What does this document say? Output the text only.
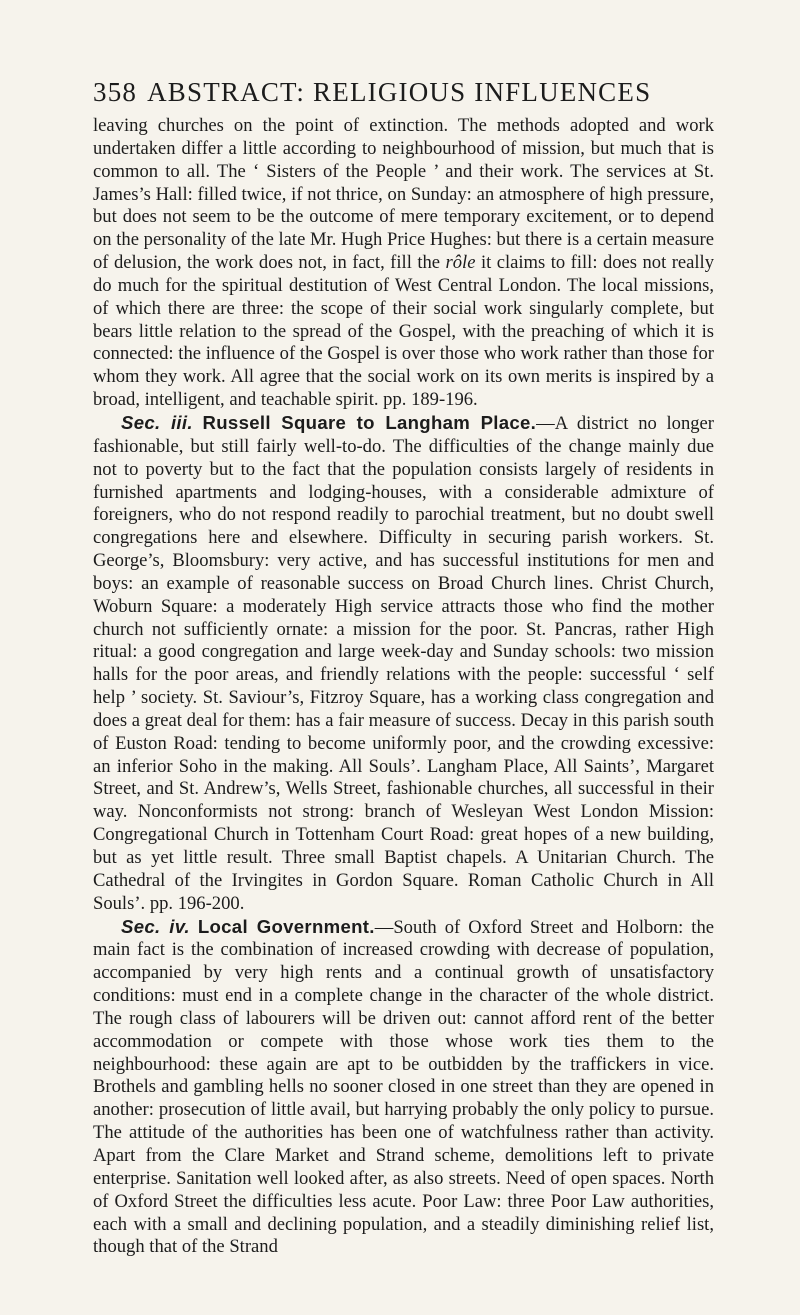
358 ABSTRACT: RELIGIOUS INFLUENCES

leaving churches on the point of extinction. The methods adopted and work undertaken differ a little according to neighbourhood of mission, but much that is common to all. The ‘ Sisters of the People ’ and their work. The services at St. James’s Hall: filled twice, if not thrice, on Sunday: an atmosphere of high pressure, but does not seem to be the outcome of mere temporary excitement, or to depend on the personality of the late Mr. Hugh Price Hughes: but there is a certain measure of delusion, the work does not, in fact, fill the rôle it claims to fill: does not really do much for the spiritual destitution of West Central London. The local missions, of which there are three: the scope of their social work singularly complete, but bears little relation to the spread of the Gospel, with the preaching of which it is connected: the influence of the Gospel is over those who work rather than those for whom they work. All agree that the social work on its own merits is inspired by a broad, intelligent, and teachable spirit. pp. 189-196.

Sec. iii. Russell Square to Langham Place.—A district no longer fashionable, but still fairly well-to-do. The difficulties of the change mainly due not to poverty but to the fact that the population consists largely of residents in furnished apartments and lodging-houses, with a considerable admixture of foreigners, who do not respond readily to parochial treatment, but no doubt swell congregations here and elsewhere. Difficulty in securing parish workers. St. George’s, Bloomsbury: very active, and has successful institutions for men and boys: an example of reasonable success on Broad Church lines. Christ Church, Woburn Square: a moderately High service attracts those who find the mother church not sufficiently ornate: a mission for the poor. St. Pancras, rather High ritual: a good congregation and large week-day and Sunday schools: two mission halls for the poor areas, and friendly relations with the people: successful ‘ self help ’ society. St. Saviour’s, Fitzroy Square, has a working class congregation and does a great deal for them: has a fair measure of success. Decay in this parish south of Euston Road: tending to become uniformly poor, and the crowding excessive: an inferior Soho in the making. All Souls’. Langham Place, All Saints’, Margaret Street, and St. Andrew’s, Wells Street, fashionable churches, all successful in their way. Nonconformists not strong: branch of Wesleyan West London Mission: Congregational Church in Tottenham Court Road: great hopes of a new building, but as yet little result. Three small Baptist chapels. A Unitarian Church. The Cathedral of the Irvingites in Gordon Square. Roman Catholic Church in All Souls’. pp. 196-200.

Sec. iv. Local Government.—South of Oxford Street and Holborn: the main fact is the combination of increased crowding with decrease of population, accompanied by very high rents and a continual growth of unsatisfactory conditions: must end in a complete change in the character of the whole district. The rough class of labourers will be driven out: cannot afford rent of the better accommodation or compete with those whose work ties them to the neighbourhood: these again are apt to be outbidden by the traffickers in vice. Brothels and gambling hells no sooner closed in one street than they are opened in another: prosecution of little avail, but harrying probably the only policy to pursue. The attitude of the authorities has been one of watchfulness rather than activity. Apart from the Clare Market and Strand scheme, demolitions left to private enterprise. Sanitation well looked after, as also streets. Need of open spaces. North of Oxford Street the difficulties less acute. Poor Law: three Poor Law authorities, each with a small and declining population, and a steadily diminishing relief list, though that of the Strand
